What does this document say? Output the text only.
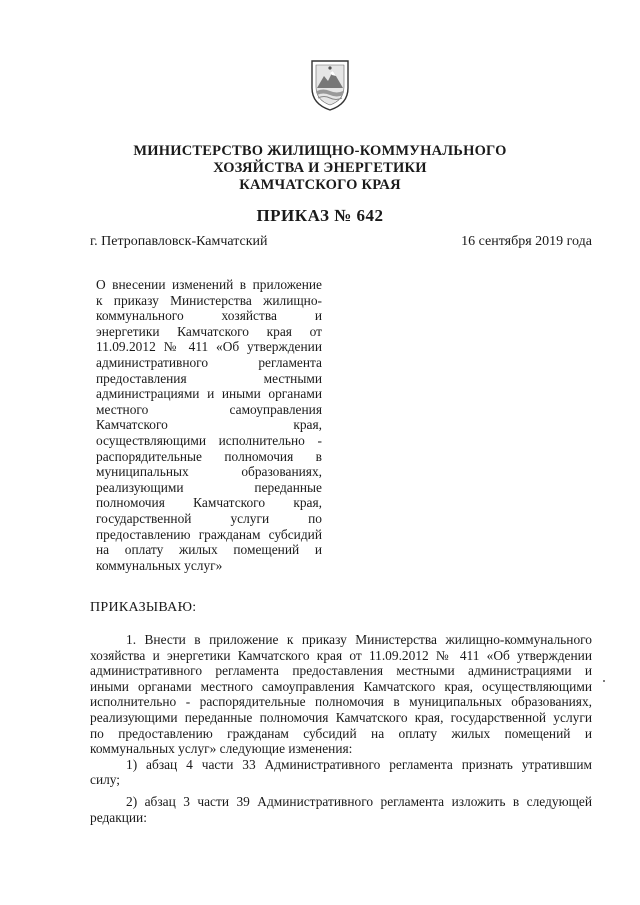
МИНИСТЕРСТВО ЖИЛИЩНО-КОММУНАЛЬНОГО
ХОЗЯЙСТВА И ЭНЕРГЕТИКИ
КАМЧАТСКОГО КРАЯ
ПРИКАЗ № 642
г. Петропавловск-Камчатский	16 сентября 2019 года
О внесении изменений в приложение
к приказу Министерства жилищно-
коммунального хозяйства и
энергетики Камчатского края от
11.09.2012 № 411 «Об утверждении
административного регламента
предоставления местными
администрациями и иными органами
местного самоуправления
Камчатского края,
осуществляющими исполнительно -
распорядительные полномочия в
муниципальных образованиях,
реализующими переданные
полномочия Камчатского края,
государственной услуги по
предоставлению гражданам субсидий
на оплату жилых помещений и
коммунальных услуг»
ПРИКАЗЫВАЮ:
1. Внести в приложение к приказу Министерства жилищно-коммунального
хозяйства и энергетики Камчатского края от 11.09.2012 № 411 «Об утверждении
административного регламента предоставления местными администрациями и
иными органами местного самоуправления Камчатского края, осуществляющими
исполнительно - распорядительные полномочия в муниципальных образованиях,
реализующими переданные полномочия Камчатского края, государственной услуги
по предоставлению гражданам субсидий на оплату жилых помещений и
коммунальных услуг» следующие изменения:
1) абзац 4 части 33 Административного регламента признать утратившим
силу;
2) абзац 3 части 39 Административного регламента изложить в следующей
редакции:
